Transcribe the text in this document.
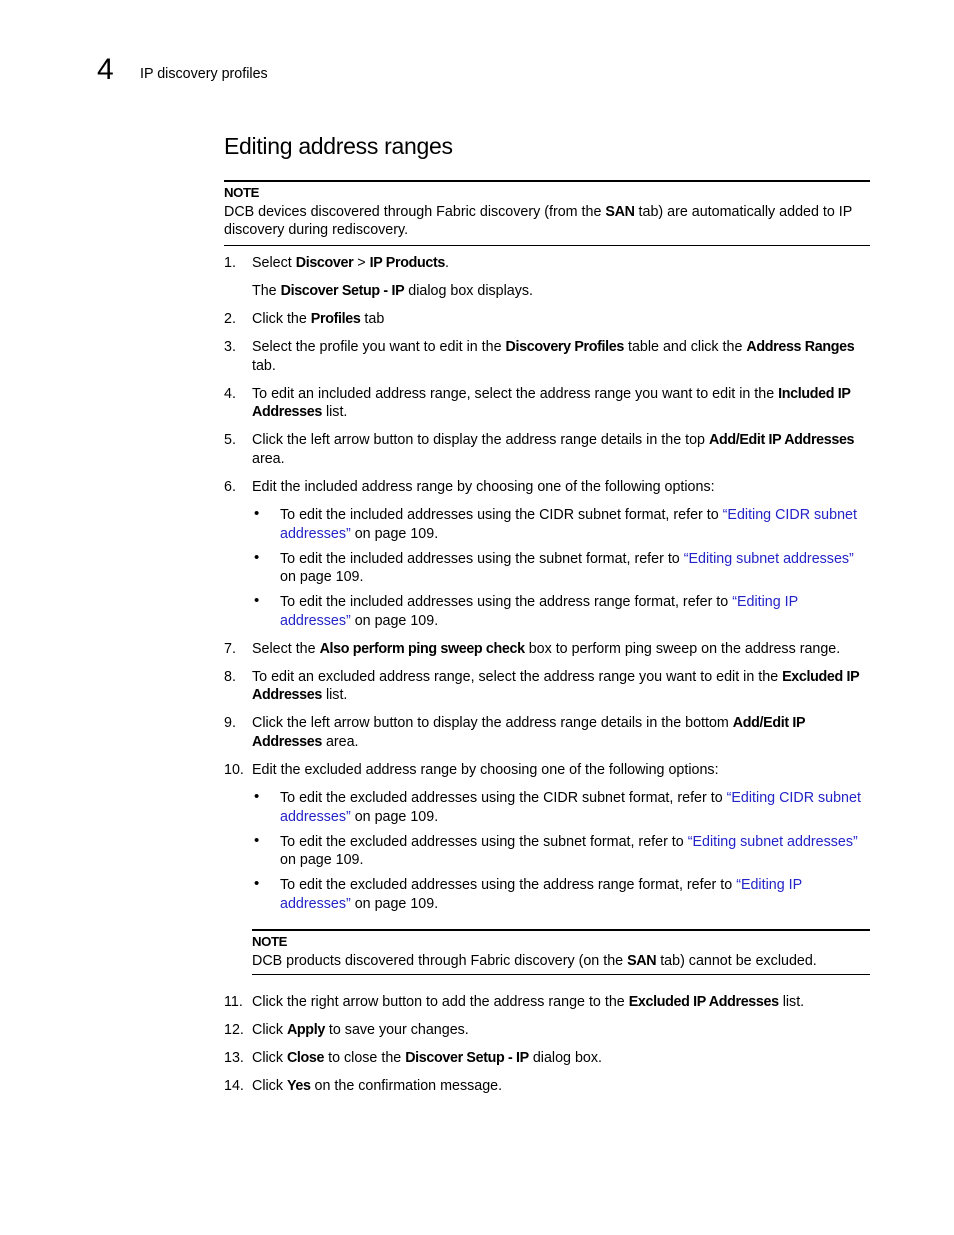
4 IP discovery profiles
Editing address ranges
NOTE
DCB devices discovered through Fabric discovery (from the SAN tab) are automatically added to IP discovery during rediscovery.
1. Select Discover > IP Products.
The Discover Setup - IP dialog box displays.
2. Click the Profiles tab
3. Select the profile you want to edit in the Discovery Profiles table and click the Address Ranges tab.
4. To edit an included address range, select the address range you want to edit in the Included IP Addresses list.
5. Click the left arrow button to display the address range details in the top Add/Edit IP Addresses area.
6. Edit the included address range by choosing one of the following options:
• To edit the included addresses using the CIDR subnet format, refer to “Editing CIDR subnet addresses” on page 109.
• To edit the included addresses using the subnet format, refer to “Editing subnet addresses” on page 109.
• To edit the included addresses using the address range format, refer to “Editing IP addresses” on page 109.
7. Select the Also perform ping sweep check box to perform ping sweep on the address range.
8. To edit an excluded address range, select the address range you want to edit in the Excluded IP Addresses list.
9. Click the left arrow button to display the address range details in the bottom Add/Edit IP Addresses area.
10. Edit the excluded address range by choosing one of the following options:
• To edit the excluded addresses using the CIDR subnet format, refer to “Editing CIDR subnet addresses” on page 109.
• To edit the excluded addresses using the subnet format, refer to “Editing subnet addresses” on page 109.
• To edit the excluded addresses using the address range format, refer to “Editing IP addresses” on page 109.
NOTE
DCB products discovered through Fabric discovery (on the SAN tab) cannot be excluded.
11. Click the right arrow button to add the address range to the Excluded IP Addresses list.
12. Click Apply to save your changes.
13. Click Close to close the Discover Setup - IP dialog box.
14. Click Yes on the confirmation message.
